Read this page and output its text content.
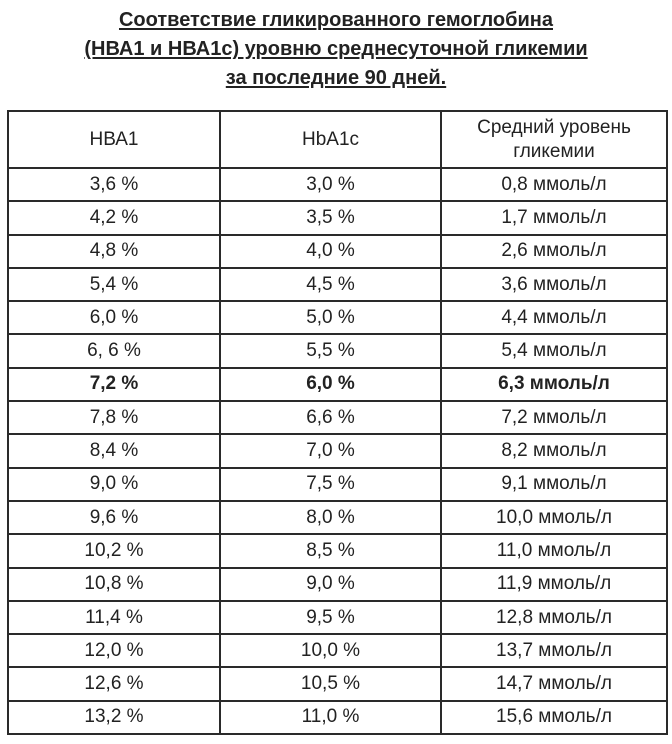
Соответствие гликированного гемоглобина
(НВА1 и НВА1с) уровню среднесуточной гликемии
за последние 90 дней.
НВА1	HbA1c	Средний уровень гликемии
3,6 %	3,0 %	0,8 ммоль/л
4,2 %	3,5 %	1,7 ммоль/л
4,8 %	4,0 %	2,6 ммоль/л
5,4 %	4,5 %	3,6 ммоль/л
6,0 %	5,0 %	4,4 ммоль/л
6, 6 %	5,5 %	5,4 ммоль/л
7,2 %	6,0 %	6,3 ммоль/л
7,8 %	6,6 %	7,2 ммоль/л
8,4 %	7,0 %	8,2 ммоль/л
9,0 %	7,5 %	9,1 ммоль/л
9,6 %	8,0 %	10,0 ммоль/л
10,2 %	8,5 %	11,0 ммоль/л
10,8 %	9,0 %	11,9 ммоль/л
11,4 %	9,5 %	12,8 ммоль/л
12,0 %	10,0 %	13,7 ммоль/л
12,6 %	10,5 %	14,7 ммоль/л
13,2 %	11,0 %	15,6 ммоль/л
